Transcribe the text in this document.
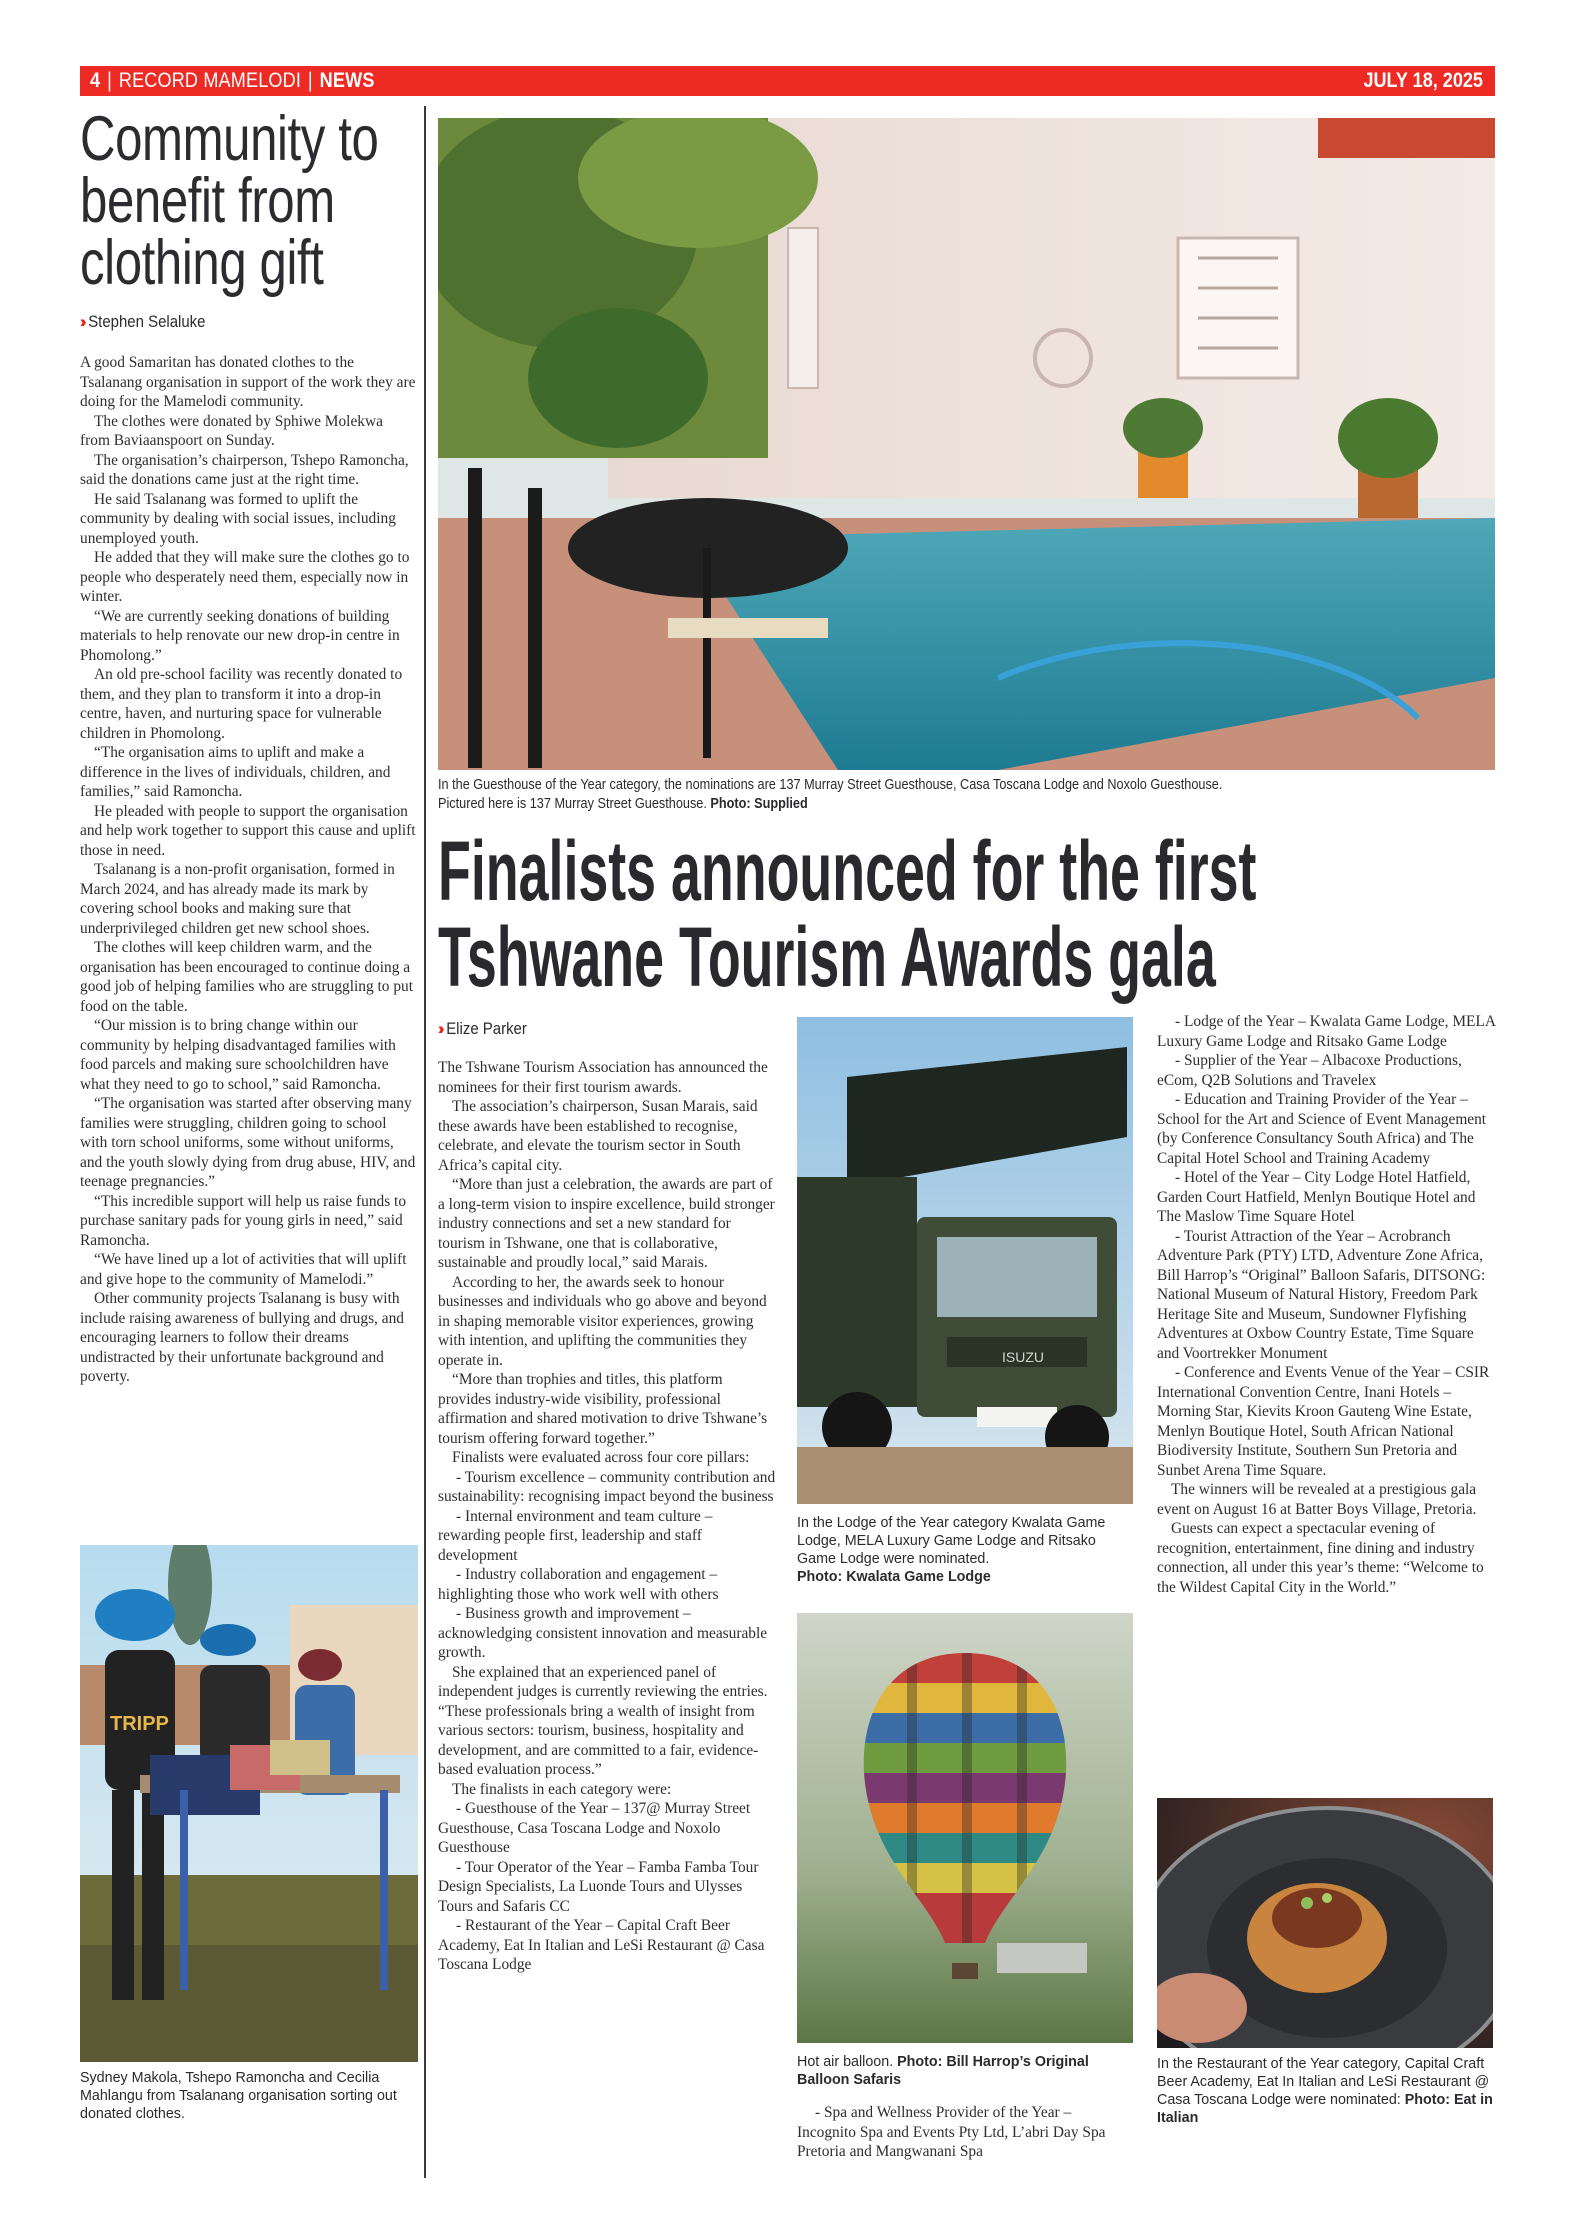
4 | RECORD MAMELODI | NEWS	JULY 18, 2025
Community to benefit from clothing gift
›› Stephen Selaluke

A good Samaritan has donated clothes to the Tsalanang organisation in support of the work they are doing for the Mamelodi community.

The clothes were donated by Sphiwe Molekwa from Baviaanspoort on Sunday.

The organisation’s chairperson, Tshepo Ramoncha, said the donations came just at the right time.

He said Tsalanang was formed to uplift the community by dealing with social issues, including unemployed youth.

He added that they will make sure the clothes go to people who desperately need them, especially now in winter.

“We are currently seeking donations of building materials to help renovate our new drop-in centre in Phomolong.”

An old pre-school facility was recently donated to them, and they plan to transform it into a drop-in centre, haven, and nurturing space for vulnerable children in Phomolong.

“The organisation aims to uplift and make a difference in the lives of individuals, children, and families,” said Ramoncha.

He pleaded with people to support the organisation and help work together to support this cause and uplift those in need.

Tsalanang is a non-profit organisation, formed in March 2024, and has already made its mark by covering school books and making sure that underprivileged children get new school shoes.

The clothes will keep children warm, and the organisation has been encouraged to continue doing a good job of helping families who are struggling to put food on the table.

“Our mission is to bring change within our community by helping disadvantaged families with food parcels and making sure schoolchildren have what they need to go to school,” said Ramoncha.

“The organisation was started after observing many families were struggling, children going to school with torn school uniforms, some without uniforms, and the youth slowly dying from drug abuse, HIV, and teenage pregnancies.”

“This incredible support will help us raise funds to purchase sanitary pads for young girls in need,” said Ramoncha.

“We have lined up a lot of activities that will uplift and give hope to the community of Mamelodi.”

Other community projects Tsalanang is busy with include raising awareness of bullying and drugs, and encouraging learners to follow their dreams undistracted by their unfortunate background and poverty.

TRIPP
Sydney Makola, Tshepo Ramoncha and Cecilia Mahlangu from Tsalanang organisation sorting out donated clothes.
In the Guesthouse of the Year category, the nominations are 137 Murray Street Guesthouse, Casa Toscana Lodge and Noxolo Guesthouse.
Pictured here is 137 Murray Street Guesthouse. Photo: Supplied
Finalists announced for the first
Tshwane Tourism Awards gala
›› Elize Parker

The Tshwane Tourism Association has announced the nominees for their first tourism awards.

The association’s chairperson, Susan Marais, said these awards have been established to recognise, celebrate, and elevate the tourism sector in South Africa’s capital city.

“More than just a celebration, the awards are part of a long-term vision to inspire excellence, build stronger industry connections and set a new standard for tourism in Tshwane, one that is collaborative, sustainable and proudly local,” said Marais.

According to her, the awards seek to honour businesses and individuals who go above and beyond in shaping memorable visitor experiences, growing with intention, and uplifting the communities they operate in.

“More than trophies and titles, this platform provides industry-wide visibility, professional affirmation and shared motivation to drive Tshwane’s tourism offering forward together.”

Finalists were evaluated across four core pillars:

- Tourism excellence – community contribution and sustainability: recognising impact beyond the business

- Internal environment and team culture – rewarding people first, leadership and staff development

- Industry collaboration and engagement – highlighting those who work well with others

- Business growth and improvement – acknowledging consistent innovation and measurable growth.

She explained that an experienced panel of independent judges is currently reviewing the entries. “These professionals bring a wealth of insight from various sectors: tourism, business, hospitality and development, and are committed to a fair, evidence-based evaluation process.”

The finalists in each category were:

- Guesthouse of the Year – 137@ Murray Street Guesthouse, Casa Toscana Lodge and Noxolo Guesthouse

- Tour Operator of the Year – Famba Famba Tour Design Specialists, La Luonde Tours and Ulysses Tours and Safaris CC

- Restaurant of the Year – Capital Craft Beer Academy, Eat In Italian and LeSi Restaurant @ Casa Toscana Lodge

ISUZU
In the Lodge of the Year category Kwalata Game Lodge, MELA Luxury Game Lodge and Ritsako Game Lodge were nominated.
Photo: Kwalata Game Lodge
Hot air balloon. Photo: Bill Harrop’s Original Balloon Safaris

- Spa and Wellness Provider of the Year – Incognito Spa and Events Pty Ltd, L’abri Day Spa Pretoria and Mangwanani Spa

- Lodge of the Year – Kwalata Game Lodge, MELA Luxury Game Lodge and Ritsako Game Lodge

- Supplier of the Year – Albacoxe Productions, eCom, Q2B Solutions and Travelex

- Education and Training Provider of the Year – School for the Art and Science of Event Management (by Conference Consultancy South Africa) and The Capital Hotel School and Training Academy

- Hotel of the Year – City Lodge Hotel Hatfield, Garden Court Hatfield, Menlyn Boutique Hotel and The Maslow Time Square Hotel

- Tourist Attraction of the Year – Acrobranch Adventure Park (PTY) LTD, Adventure Zone Africa, Bill Harrop’s “Original” Balloon Safaris, DITSONG: National Museum of Natural History, Freedom Park Heritage Site and Museum, Sundowner Flyfishing Adventures at Oxbow Country Estate, Time Square and Voortrekker Monument

- Conference and Events Venue of the Year – CSIR International Convention Centre, Inani Hotels – Morning Star, Kievits Kroon Gauteng Wine Estate, Menlyn Boutique Hotel, South African National Biodiversity Institute, Southern Sun Pretoria and Sunbet Arena Time Square.

The winners will be revealed at a prestigious gala event on August 16 at Batter Boys Village, Pretoria.

Guests can expect a spectacular evening of recognition, entertainment, fine dining and industry connection, all under this year’s theme: “Welcome to the Wildest Capital City in the World.”

In the Restaurant of the Year category, Capital Craft Beer Academy, Eat In Italian and LeSi Restaurant @ Casa Toscana Lodge were nominated: Photo: Eat in Italian
